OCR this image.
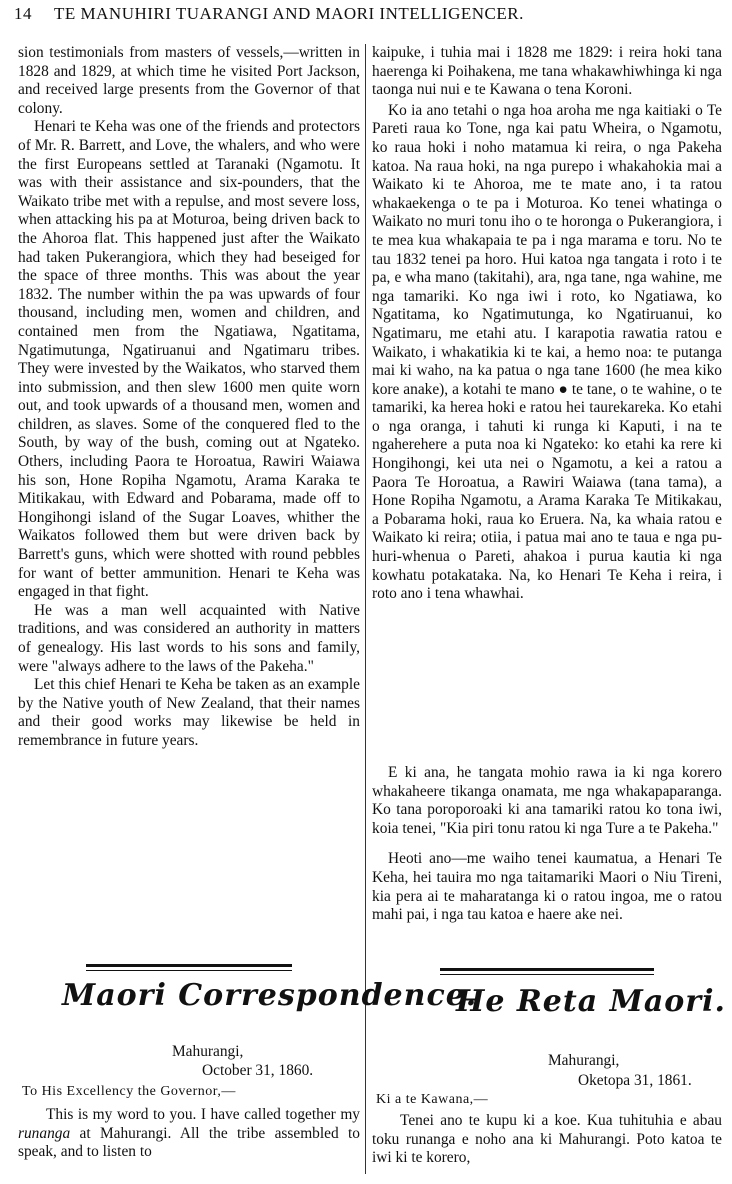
14 TE MANUHIRI TUARANGI AND MAORI INTELLIGENCER.

sion testimonials from masters of vessels,—written in 1828 and 1829, at which time he visited Port Jackson, and received large presents from the Governor of that colony.

Henari te Keha was one of the friends and protectors of Mr. R. Barrett, and Love, the whalers, and who were the first Europeans settled at Taranaki (Ngamotu. It was with their assistance and six-pounders, that the Waikato tribe met with a repulse, and most severe loss, when attacking his pa at Moturoa, being driven back to the Ahoroa flat. This happened just after the Waikato had taken Pukerangiora, which they had beseiged for the space of three months. This was about the year 1832. The number within the pa was upwards of four thousand, including men, women and children, and contained men from the Ngatiawa, Ngatitama, Ngatimutunga, Ngatiruanui and Ngatimaru tribes. They were invested by the Waikatos, who starved them into submission, and then slew 1600 men quite worn out, and took upwards of a thousand men, women and children, as slaves. Some of the conquered fled to the South, by way of the bush, coming out at Ngateko. Others, including Paora te Horoatua, Rawiri Waiawa his son, Hone Ropiha Ngamotu, Arama Karaka te Mitikakau, with Edward and Pobarama, made off to Hongihongi island of the Sugar Loaves, whither the Waikatos followed them but were driven back by Barrett's guns, which were shotted with round pebbles for want of better ammunition. Henari te Keha was engaged in that fight.

He was a man well acquainted with Native traditions, and was considered an authority in matters of genealogy. His last words to his sons and family, were "always adhere to the laws of the Pakeha."

Let this chief Henari te Keha be taken as an example by the Native youth of New Zealand, that their names and their good works may likewise be held in remembrance in future years.

kaipuke, i tuhia mai i 1828 me 1829: i reira hoki tana haerenga ki Poihakena, me tana whakawhiwhinga ki nga taonga nui nui e te Kawana o tena Koroni.

Ko ia ano tetahi o nga hoa aroha me nga kaitiaki o Te Pareti raua ko Tone, nga kai patu Wheira, o Ngamotu, ko raua hoki i noho matamua ki reira, o nga Pakeha katoa. Na raua hoki, na nga purepo i whakahokia mai a Waikato ki te Ahoroa, me te mate ano, i ta ratou whakaekenga o te pa i Moturoa. Ko tenei whatinga o Waikato no muri tonu iho o te horonga o Pukerangiora, i te mea kua whakapaia te pa i nga marama e toru. No te tau 1832 tenei pa horo. Hui katoa nga tangata i roto i te pa, e wha mano (takitahi), ara, nga tane, nga wahine, me nga tamariki. Ko nga iwi i roto, ko Ngatiawa, ko Ngatitama, ko Ngatimutunga, ko Ngatiruanui, ko Ngatimaru, me etahi atu. I karapotia rawatia ratou e Waikato, i whakatikia ki te kai, a hemo noa: te putanga mai ki waho, na ka patua o nga tane 1600 (he mea kiko kore anake), a kotahi te mano ● te tane, o te wahine, o te tamariki, ka herea hoki e ratou hei taurekareka. Ko etahi o nga oranga, i tahuti ki runga ki Kaputi, i na te ngaherehere a puta noa ki Ngateko: ko etahi ka rere ki Hongihongi, kei uta nei o Ngamotu, a kei a ratou a Paora Te Horoatua, a Rawiri Waiawa (tana tama), a Hone Ropiha Ngamotu, a Arama Karaka Te Mitikakau, a Pobarama hoki, raua ko Eruera. Na, ka whaia ratou e Waikato ki reira; otiia, i patua mai ano te taua e nga pu-huri-whenua o Pareti, ahakoa i purua kautia ki nga kowhatu potakataka. Na, ko Henari Te Keha i reira, i roto ano i tena whawhai.

E ki ana, he tangata mohio rawa ia ki nga korero whakaheere tikanga onamata, me nga whakapaparanga. Ko tana poroporoaki ki ana tamariki ratou ko tona iwi, koia tenei, "Kia piri tonu ratou ki nga Ture a te Pakeha."

Heoti ano—me waiho tenei kaumatua, a Henari Te Keha, hei tauira mo nga taitamariki Maori o Niu Tireni, kia pera ai te maharatanga ki o ratou ingoa, me o ratou mahi pai, i nga tau katoa e haere ake nei.

Maori Correspondence.
Mahurangi,
October 31, 1860.
To His Excellency the Governor,—
This is my word to you. I have called together my runanga at Mahurangi. All the tribe assembled to speak, and to listen to
He Reta Maori.
Mahurangi,
Oketopa 31, 1861.
Ki a te Kawana,—
Tenei ano te kupu ki a koe. Kua tuhituhia e abau toku runanga e noho ana ki Mahurangi. Poto katoa te iwi ki te korero,
